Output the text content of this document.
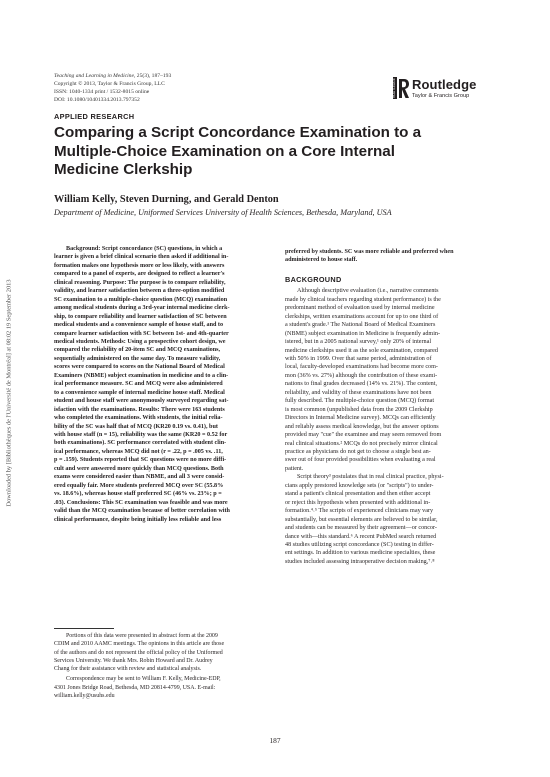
Teaching and Learning in Medicine, 25(3), 187–193
Copyright © 2013, Taylor & Francis Group, LLC
ISSN: 1040-1334 print / 1532-8015 online
DOI: 10.1080/10401334.2013.797352
ROUTLEDGE Routledge
Taylor & Francis Group
APPLIED RESEARCH
Comparing a Script Concordance Examination to a
Multiple-Choice Examination on a Core Internal
Medicine Clerkship
William Kelly, Steven Durning, and Gerald Denton
Department of Medicine, Uniformed Services University of Health Sciences, Bethesda, Maryland, USA
Downloaded by [Bibliothèques de l'Université de Montréal] at 08:02 19 September 2013
Background: Script concordance (SC) questions, in which a
learner is given a brief clinical scenario then asked if additional in-
formation makes one hypothesis more or less likely, with answers
compared to a panel of experts, are designed to reflect a learner's
clinical reasoning. Purpose: The purpose is to compare reliability,
validity, and learner satisfaction between a three-option modified
SC examination to a multiple-choice question (MCQ) examination
among medical students during a 3rd-year internal medicine clerk-
ship, to compare reliability and learner satisfaction of SC between
medical students and a convenience sample of house staff, and to
compare learner satisfaction with SC between 1st- and 4th-quarter
medical students. Methods: Using a prospective cohort design, we
compared the reliability of 20-item SC and MCQ examinations,
sequentially administered on the same day. To measure validity,
scores were compared to scores on the National Board of Medical
Examiners (NBME) subject examination in medicine and to a clin-
ical performance measure. SC and MCQ were also administered
to a convenience sample of internal medicine house staff. Medical
student and house staff were anonymously surveyed regarding sat-
isfaction with the examinations. Results: There were 163 students
who completed the examinations. With students, the initial relia-
bility of the SC was half that of MCQ (KR20 0.19 vs. 0.41), but
with house staff (n = 15), reliability was the same (KR20 = 0.52 for
both examinations). SC performance correlated with student clin-
ical performance, whereas MCQ did not (r = .22, p = .005 vs. .11,
p = .159). Students reported that SC questions were no more diffi-
cult and were answered more quickly than MCQ questions. Both
exams were considered easier than NBME, and all 3 were consid-
ered equally fair. More students preferred MCQ over SC (55.8%
vs. 18.6%), whereas house staff preferred SC (46% vs. 23%; p =
.03). Conclusions: This SC examination was feasible and was more
valid than the MCQ examination because of better correlation with
clinical performance, despite being initially less reliable and less
preferred by students. SC was more reliable and preferred when
administered to house staff.
BACKGROUND
Although descriptive evaluation (i.e., narrative comments
made by clinical teachers regarding student performance) is the
predominant method of evaluation used by internal medicine
clerkships, written examinations account for up to one third of
a student's grade.¹ The National Board of Medical Examiners
(NBME) subject examination in Medicine is frequently admin-
istered, but in a 2005 national survey,¹ only 20% of internal
medicine clerkships used it as the sole examination, compared
with 50% in 1999. Over that same period, administration of
local, faculty-developed examinations had become more com-
mon (36% vs. 27%) although the contribution of these exami-
nations to final grades decreased (14% vs. 21%). The content,
reliability, and validity of these examinations have not been
fully described. The multiple-choice question (MCQ) format
is most common (unpublished data from the 2009 Clerkship
Directors in Internal Medicine survey). MCQs can efficiently
and reliably assess medical knowledge, but the answer options
provided may "cue" the examinee and may seem removed from
real clinical situations.² MCQs do not precisely mirror clinical
practice as physicians do not get to choose a single best an-
swer out of four provided possibilities when evaluating a real
patient.
Script theory³ postulates that in real clinical practice, physi-
cians apply prestored knowledge sets (or "scripts") to under-
stand a patient's clinical presentation and then either accept
or reject this hypothesis when presented with additional in-
formation.⁴˒⁵ The scripts of experienced clinicians may vary
substantially, but essential elements are believed to be similar,
and students can be measured by their agreement—or concor-
dance with—this standard.⁶ A recent PubMed search returned
48 studies utilizing script concordance (SC) testing in differ-
ent settings. In addition to various medicine specialties, these
studies included assessing intraoperative decision making,⁷˒⁸
Portions of this data were presented in abstract form at the 2009
CDIM and 2010 AAMC meetings. The opinions in this article are those
of the authors and do not represent the official policy of the Uniformed
Services University. We thank Mrs. Robin Howard and Dr. Audrey
Chang for their assistance with review and statistical analysis.
Correspondence may be sent to William F. Kelly, Medicine-EDP,
4301 Jones Bridge Road, Bethesda, MD 20814-4799, USA. E-mail:
william.kelly@usuhs.edu
187
